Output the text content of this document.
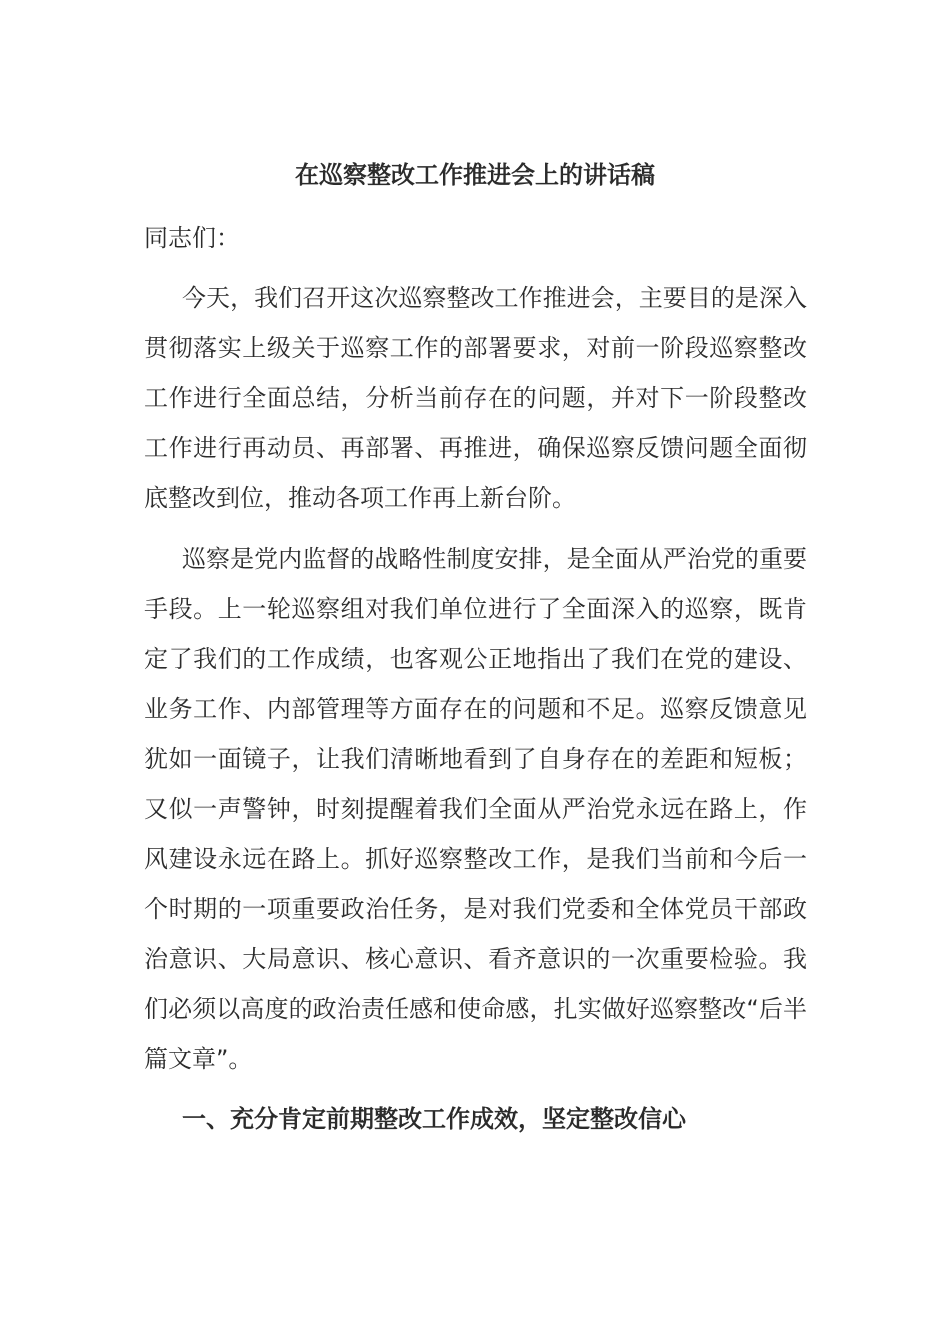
在巡察整改工作推进会上的讲话稿
同志们：
今天，我们召开这次巡察整改工作推进会，主要目的是深入贯彻落实上级关于巡察工作的部署要求，对前一阶段巡察整改工作进行全面总结，分析当前存在的问题，并对下一阶段整改工作进行再动员、再部署、再推进，确保巡察反馈问题全面彻底整改到位，推动各项工作再上新台阶。
巡察是党内监督的战略性制度安排，是全面从严治党的重要手段。上一轮巡察组对我们单位进行了全面深入的巡察，既肯定了我们的工作成绩，也客观公正地指出了我们在党的建设、业务工作、内部管理等方面存在的问题和不足。巡察反馈意见犹如一面镜子，让我们清晰地看到了自身存在的差距和短板；又似一声警钟，时刻提醒着我们全面从严治党永远在路上，作风建设永远在路上。抓好巡察整改工作，是我们当前和今后一个时期的一项重要政治任务，是对我们党委和全体党员干部政治意识、大局意识、核心意识、看齐意识的一次重要检验。我们必须以高度的政治责任感和使命感，扎实做好巡察整改“后半篇文章”。
一、充分肯定前期整改工作成效，坚定整改信心
